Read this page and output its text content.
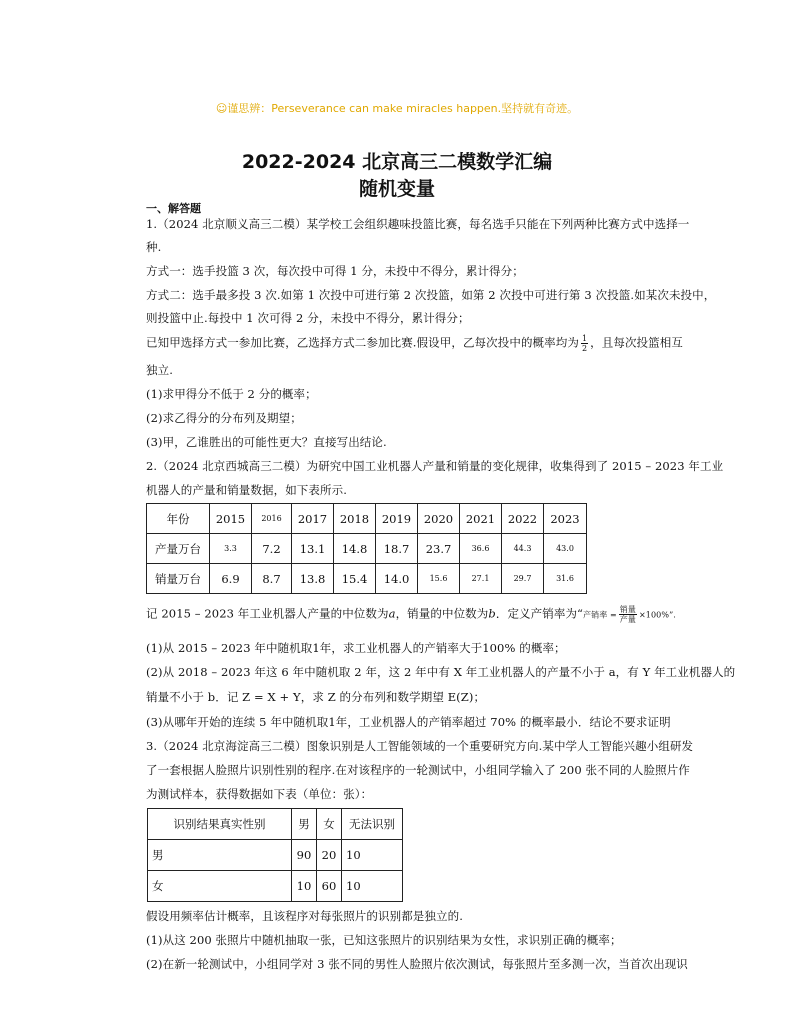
☺谨思辨：Perseverance can make miracles happen.坚持就有奇迹。
2022-2024 北京高三二模数学汇编
随机变量
一、解答题
1.（2024 北京顺义高三二模）某学校工会组织趣味投篮比赛，每名选手只能在下列两种比赛方式中选择一
种.
方式一：选手投篮 3 次，每次投中可得 1 分，未投中不得分，累计得分；
方式二：选手最多投 3 次.如第 1 次投中可进行第 2 次投篮，如第 2 次投中可进行第 3 次投篮.如某次未投中，
则投篮中止.每投中 1 次可得 2 分，未投中不得分，累计得分；
已知甲选择方式一参加比赛，乙选择方式二参加比赛.假设甲，乙每次投中的概率均为 $\frac{1}{2}$ ，且每次投篮相互
独立.
(1)求甲得分不低于 2 分的概率；
(2)求乙得分的分布列及期望；
(3)甲，乙谁胜出的可能性更大？直接写出结论.
2.（2024 北京西城高三二模）为研究中国工业机器人产量和销量的变化规律，收集得到了 2015 – 2023 年工业
机器人的产量和销量数据，如下表所示.
年份	2015	2016	2017	2018	2019	2020	2021	2022	2023
产量万台	3.3	7.2	13.1	14.8	18.7	23.7	36.6	44.3	43.0
销量万台	6.9	8.7	13.8	15.4	14.0	15.6	27.1	29.7	31.6
记 2015 – 2023 年工业机器人产量的中位数为a，销量的中位数为b．定义产销率为“产销率 = $\frac{\text{销量}}{\text{产量}} \times 100\%$”.
(1)从 2015 – 2023 年中随机取1年，求工业机器人的产销率大于100% 的概率；
(2)从 2018 – 2023 年这 6 年中随机取 2 年，这 2 年中有 X 年工业机器人的产量不小于 a，有 Y 年工业机器人的
销量不小于 b．记 Z = X + Y，求 Z 的分布列和数学期望 E(Z)；
(3)从哪年开始的连续 5 年中随机取1年，工业机器人的产销率超过 70% 的概率最小．结论不要求证明
3.（2024 北京海淀高三二模）图象识别是人工智能领域的一个重要研究方向.某中学人工智能兴趣小组研发
了一套根据人脸照片识别性别的程序.在对该程序的一轮测试中，小组同学输入了 200 张不同的人脸照片作
为测试样本，获得数据如下表（单位：张）：
识别结果真实性别	男	女	无法识别
男	90	20	10
女	10	60	10
假设用频率估计概率，且该程序对每张照片的识别都是独立的.
(1)从这 200 张照片中随机抽取一张，已知这张照片的识别结果为女性，求识别正确的概率；
(2)在新一轮测试中，小组同学对 3 张不同的男性人脸照片依次测试，每张照片至多测一次，当首次出现识
